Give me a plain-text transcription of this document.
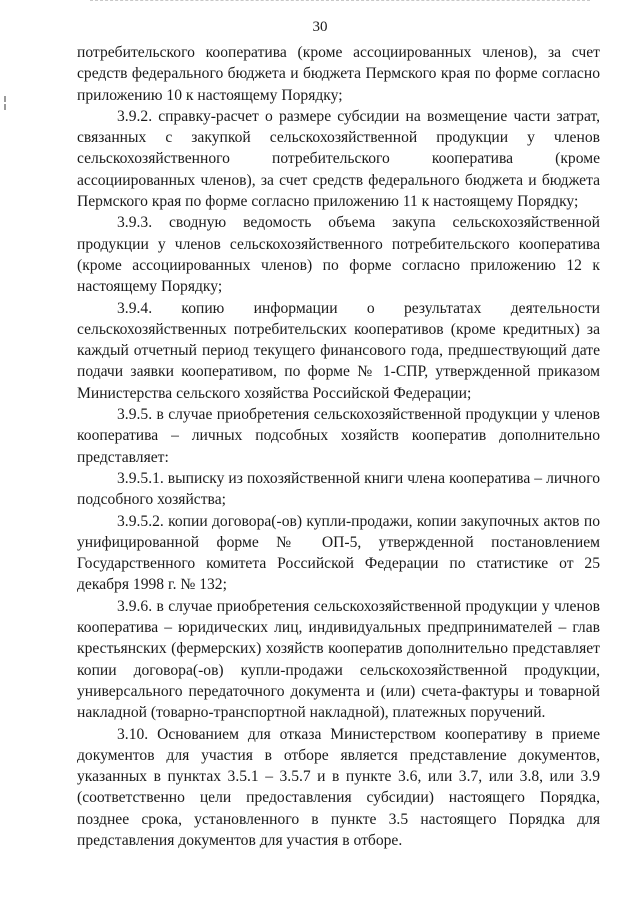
30

потребительского кооператива (кроме ассоциированных членов), за счет средств федерального бюджета и бюджета Пермского края по форме согласно приложению 10 к настоящему Порядку;

3.9.2. справку-расчет о размере субсидии на возмещение части затрат, связанных с закупкой сельскохозяйственной продукции у членов сельскохозяйственного потребительского кооператива (кроме ассоциированных членов), за счет средств федерального бюджета и бюджета Пермского края по форме согласно приложению 11 к настоящему Порядку;

3.9.3. сводную ведомость объема закупа сельскохозяйственной продукции у членов сельскохозяйственного потребительского кооператива (кроме ассоциированных членов) по форме согласно приложению 12 к настоящему Порядку;

3.9.4. копию информации о результатах деятельности сельскохозяйственных потребительских кооперативов (кроме кредитных) за каждый отчетный период текущего финансового года, предшествующий дате подачи заявки кооперативом, по форме № 1-СПР, утвержденной приказом Министерства сельского хозяйства Российской Федерации;

3.9.5. в случае приобретения сельскохозяйственной продукции у членов кооператива – личных подсобных хозяйств кооператив дополнительно представляет:

3.9.5.1. выписку из похозяйственной книги члена кооператива – личного подсобного хозяйства;

3.9.5.2. копии договора(-ов) купли-продажи, копии закупочных актов по унифицированной форме № ОП-5, утвержденной постановлением Государственного комитета Российской Федерации по статистике от 25 декабря 1998 г. № 132;

3.9.6. в случае приобретения сельскохозяйственной продукции у членов кооператива – юридических лиц, индивидуальных предпринимателей – глав крестьянских (фермерских) хозяйств кооператив дополнительно представляет копии договора(-ов) купли-продажи сельскохозяйственной продукции, универсального передаточного документа и (или) счета-фактуры и товарной накладной (товарно-транспортной накладной), платежных поручений.

3.10. Основанием для отказа Министерством кооперативу в приеме документов для участия в отборе является представление документов, указанных в пунктах 3.5.1 – 3.5.7 и в пункте 3.6, или 3.7, или 3.8, или 3.9 (соответственно цели предоставления субсидии) настоящего Порядка, позднее срока, установленного в пункте 3.5 настоящего Порядка для представления документов для участия в отборе.
